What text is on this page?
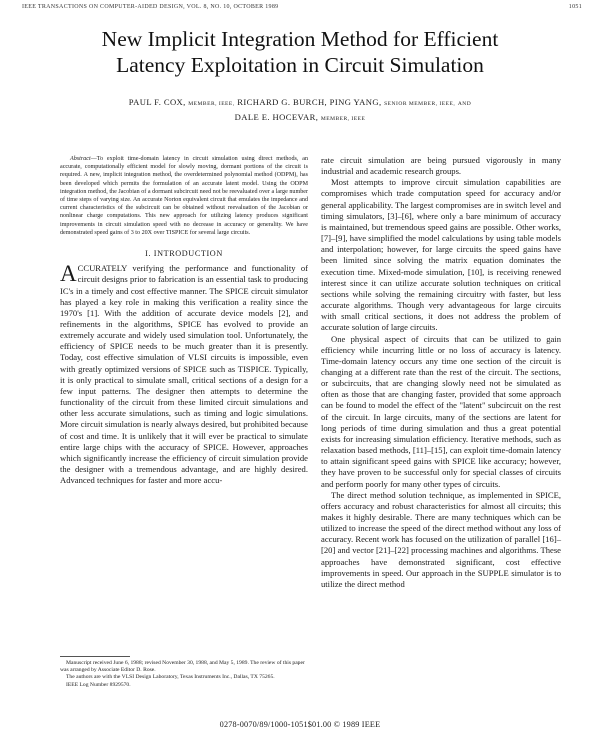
IEEE TRANSACTIONS ON COMPUTER-AIDED DESIGN, VOL. 8, NO. 10, OCTOBER 1989	1051
New Implicit Integration Method for Efficient
Latency Exploitation in Circuit Simulation
PAUL F. COX, MEMBER, IEEE, RICHARD G. BURCH, PING YANG, SENIOR MEMBER, IEEE, AND
DALE E. HOCEVAR, MEMBER, IEEE

Abstract—To exploit time-domain latency in circuit simulation using direct methods, an accurate, computationally efficient model for slowly moving, dormant portions of the circuit is required. A new, implicit integration method, the overdetermined polynomial method (ODPM), has been developed which permits the formulation of an accurate latent model. Using the ODPM integration method, the Jacobian of a dormant subcircuit need not be reevaluated over a large number of time steps of varying size. An accurate Norton equivalent circuit that emulates the impedance and current characteristics of the subcircuit can be obtained without reevaluation of the Jacobian or nonlinear charge computations. This new approach for utilizing latency produces significant improvements in circuit simulation speed with no decrease in accuracy or generality. We have demonstrated speed gains of 3 to 20X over TISPICE for several large circuits.

I. INTRODUCTION

ACCURATELY verifying the performance and functionality of circuit designs prior to fabrication is an essential task to producing IC's in a timely and cost effective manner. The SPICE circuit simulator has played a key role in making this verification a reality since the 1970's [1]. With the addition of accurate device models [2], and refinements in the algorithms, SPICE has evolved to provide an extremely accurate and widely used simulation tool. Unfortunately, the efficiency of SPICE needs to be much greater than it is presently. Today, cost effective simulation of VLSI circuits is impossible, even with greatly optimized versions of SPICE such as TISPICE. Typically, it is only practical to simulate small, critical sections of a design for a few input patterns. The designer then attempts to determine the functionality of the circuit from these limited circuit simulations and other less accurate simulations, such as timing and logic simulations. More circuit simulation is nearly always desired, but prohibited because of cost and time. It is unlikely that it will ever be practical to simulate entire large chips with the accuracy of SPICE. However, approaches which significantly increase the efficiency of circuit simulation provide the designer with a tremendous advantage, and are highly desired. Advanced techniques for faster and more accu-

Manuscript received June 6, 1988; revised November 30, 1988, and May 5, 1989. The review of this paper was arranged by Associate Editor D. Rose.

The authors are with the VLSI Design Laboratory, Texas Instruments Inc., Dallas, TX 75265.

IEEE Log Number 8929570.

rate circuit simulation are being pursued vigorously in many industrial and academic research groups.

Most attempts to improve circuit simulation capabilities are compromises which trade computation speed for accuracy and/or general applicability. The largest compromises are in switch level and timing simulators, [3]–[6], where only a bare minimum of accuracy is maintained, but tremendous speed gains are possible. Other works, [7]–[9], have simplified the model calculations by using table models and interpolation; however, for large circuits the speed gains have been limited since solving the matrix equation dominates the execution time. Mixed-mode simulation, [10], is receiving renewed interest since it can utilize accurate solution techniques on critical sections while solving the remaining circuitry with faster, but less accurate algorithms. Though very advantageous for large circuits with small critical sections, it does not address the problem of accurate solution of large circuits.

One physical aspect of circuits that can be utilized to gain efficiency while incurring little or no loss of accuracy is latency. Time-domain latency occurs any time one section of the circuit is changing at a different rate than the rest of the circuit. The sections, or subcircuits, that are changing slowly need not be simulated as often as those that are changing faster, provided that some approach can be found to model the effect of the "latent" subcircuit on the rest of the circuit. In large circuits, many of the sections are latent for long periods of time during simulation and thus a great potential exists for increasing simulation efficiency. Iterative methods, such as relaxation based methods, [11]–[15], can exploit time-domain latency to attain significant speed gains with SPICE like accuracy; however, they have proven to be successful only for special classes of circuits and perform poorly for many other types of circuits.

The direct method solution technique, as implemented in SPICE, offers accuracy and robust characteristics for almost all circuits; this makes it highly desirable. There are many techniques which can be utilized to increase the speed of the direct method without any loss of accuracy. Recent work has focused on the utilization of parallel [16]–[20] and vector [21]–[22] processing machines and algorithms. These approaches have demonstrated significant, cost effective improvements in speed. Our approach in the SUPPLE simulator is to utilize the direct method

0278-0070/89/1000-1051$01.00 © 1989 IEEE
